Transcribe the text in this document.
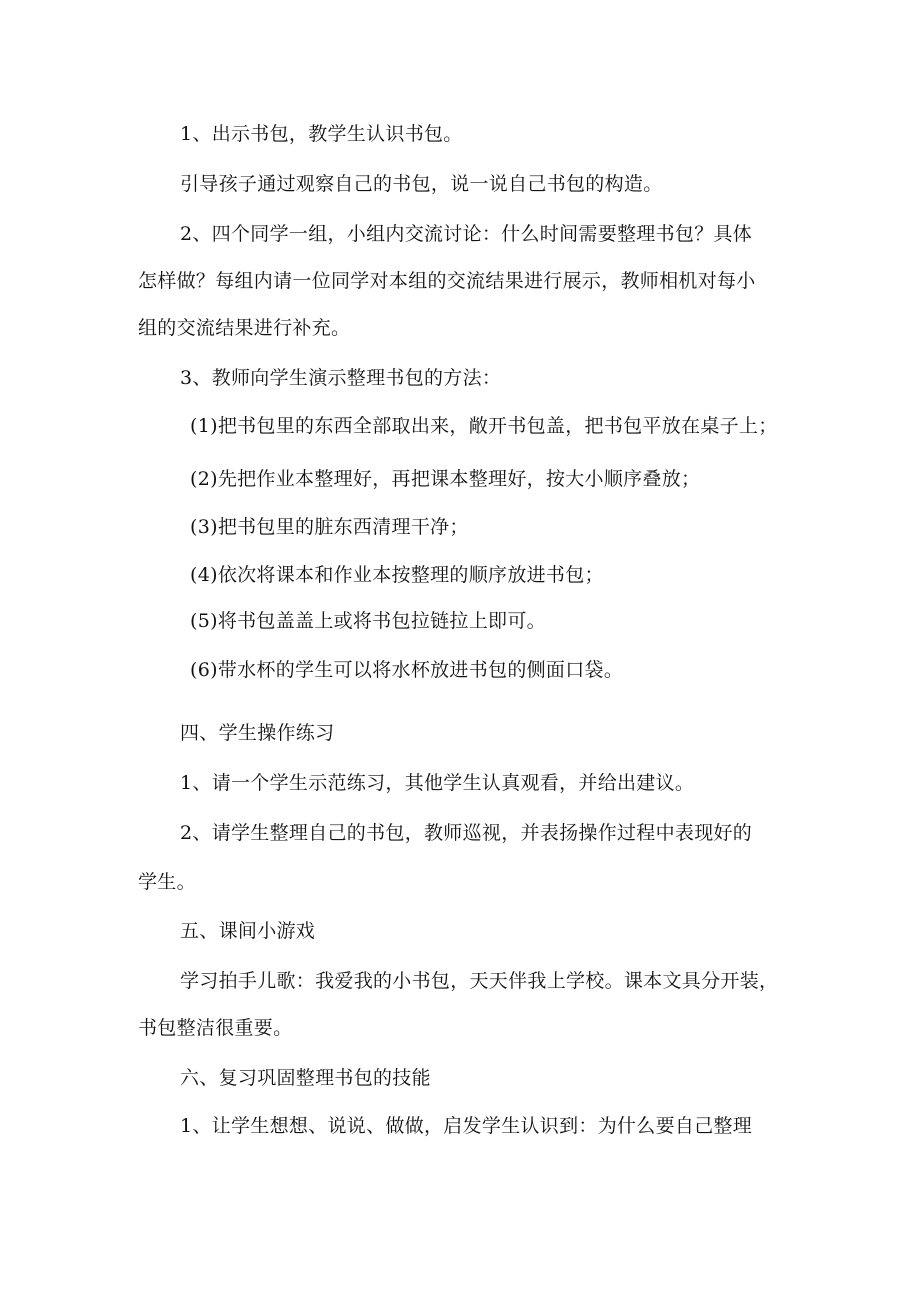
1、出示书包，教学生认识书包。
引导孩子通过观察自己的书包，说一说自己书包的构造。
2、四个同学一组，小组内交流讨论：什么时间需要整理书包？具体
怎样做？每组内请一位同学对本组的交流结果进行展示，教师相机对每小
组的交流结果进行补充。
3、教师向学生演示整理书包的方法：
(1)把书包里的东西全部取出来，敞开书包盖，把书包平放在桌子上；
(2)先把作业本整理好，再把课本整理好，按大小顺序叠放；
(3)把书包里的脏东西清理干净；
(4)依次将课本和作业本按整理的顺序放进书包；
(5)将书包盖盖上或将书包拉链拉上即可。
(6)带水杯的学生可以将水杯放进书包的侧面口袋。
四、学生操作练习
1、请一个学生示范练习，其他学生认真观看，并给出建议。
2、请学生整理自己的书包，教师巡视，并表扬操作过程中表现好的
学生。
五、课间小游戏
学习拍手儿歌：我爱我的小书包，天天伴我上学校。课本文具分开装，
书包整洁很重要。
六、复习巩固整理书包的技能
1、让学生想想、说说、做做，启发学生认识到：为什么要自己整理
